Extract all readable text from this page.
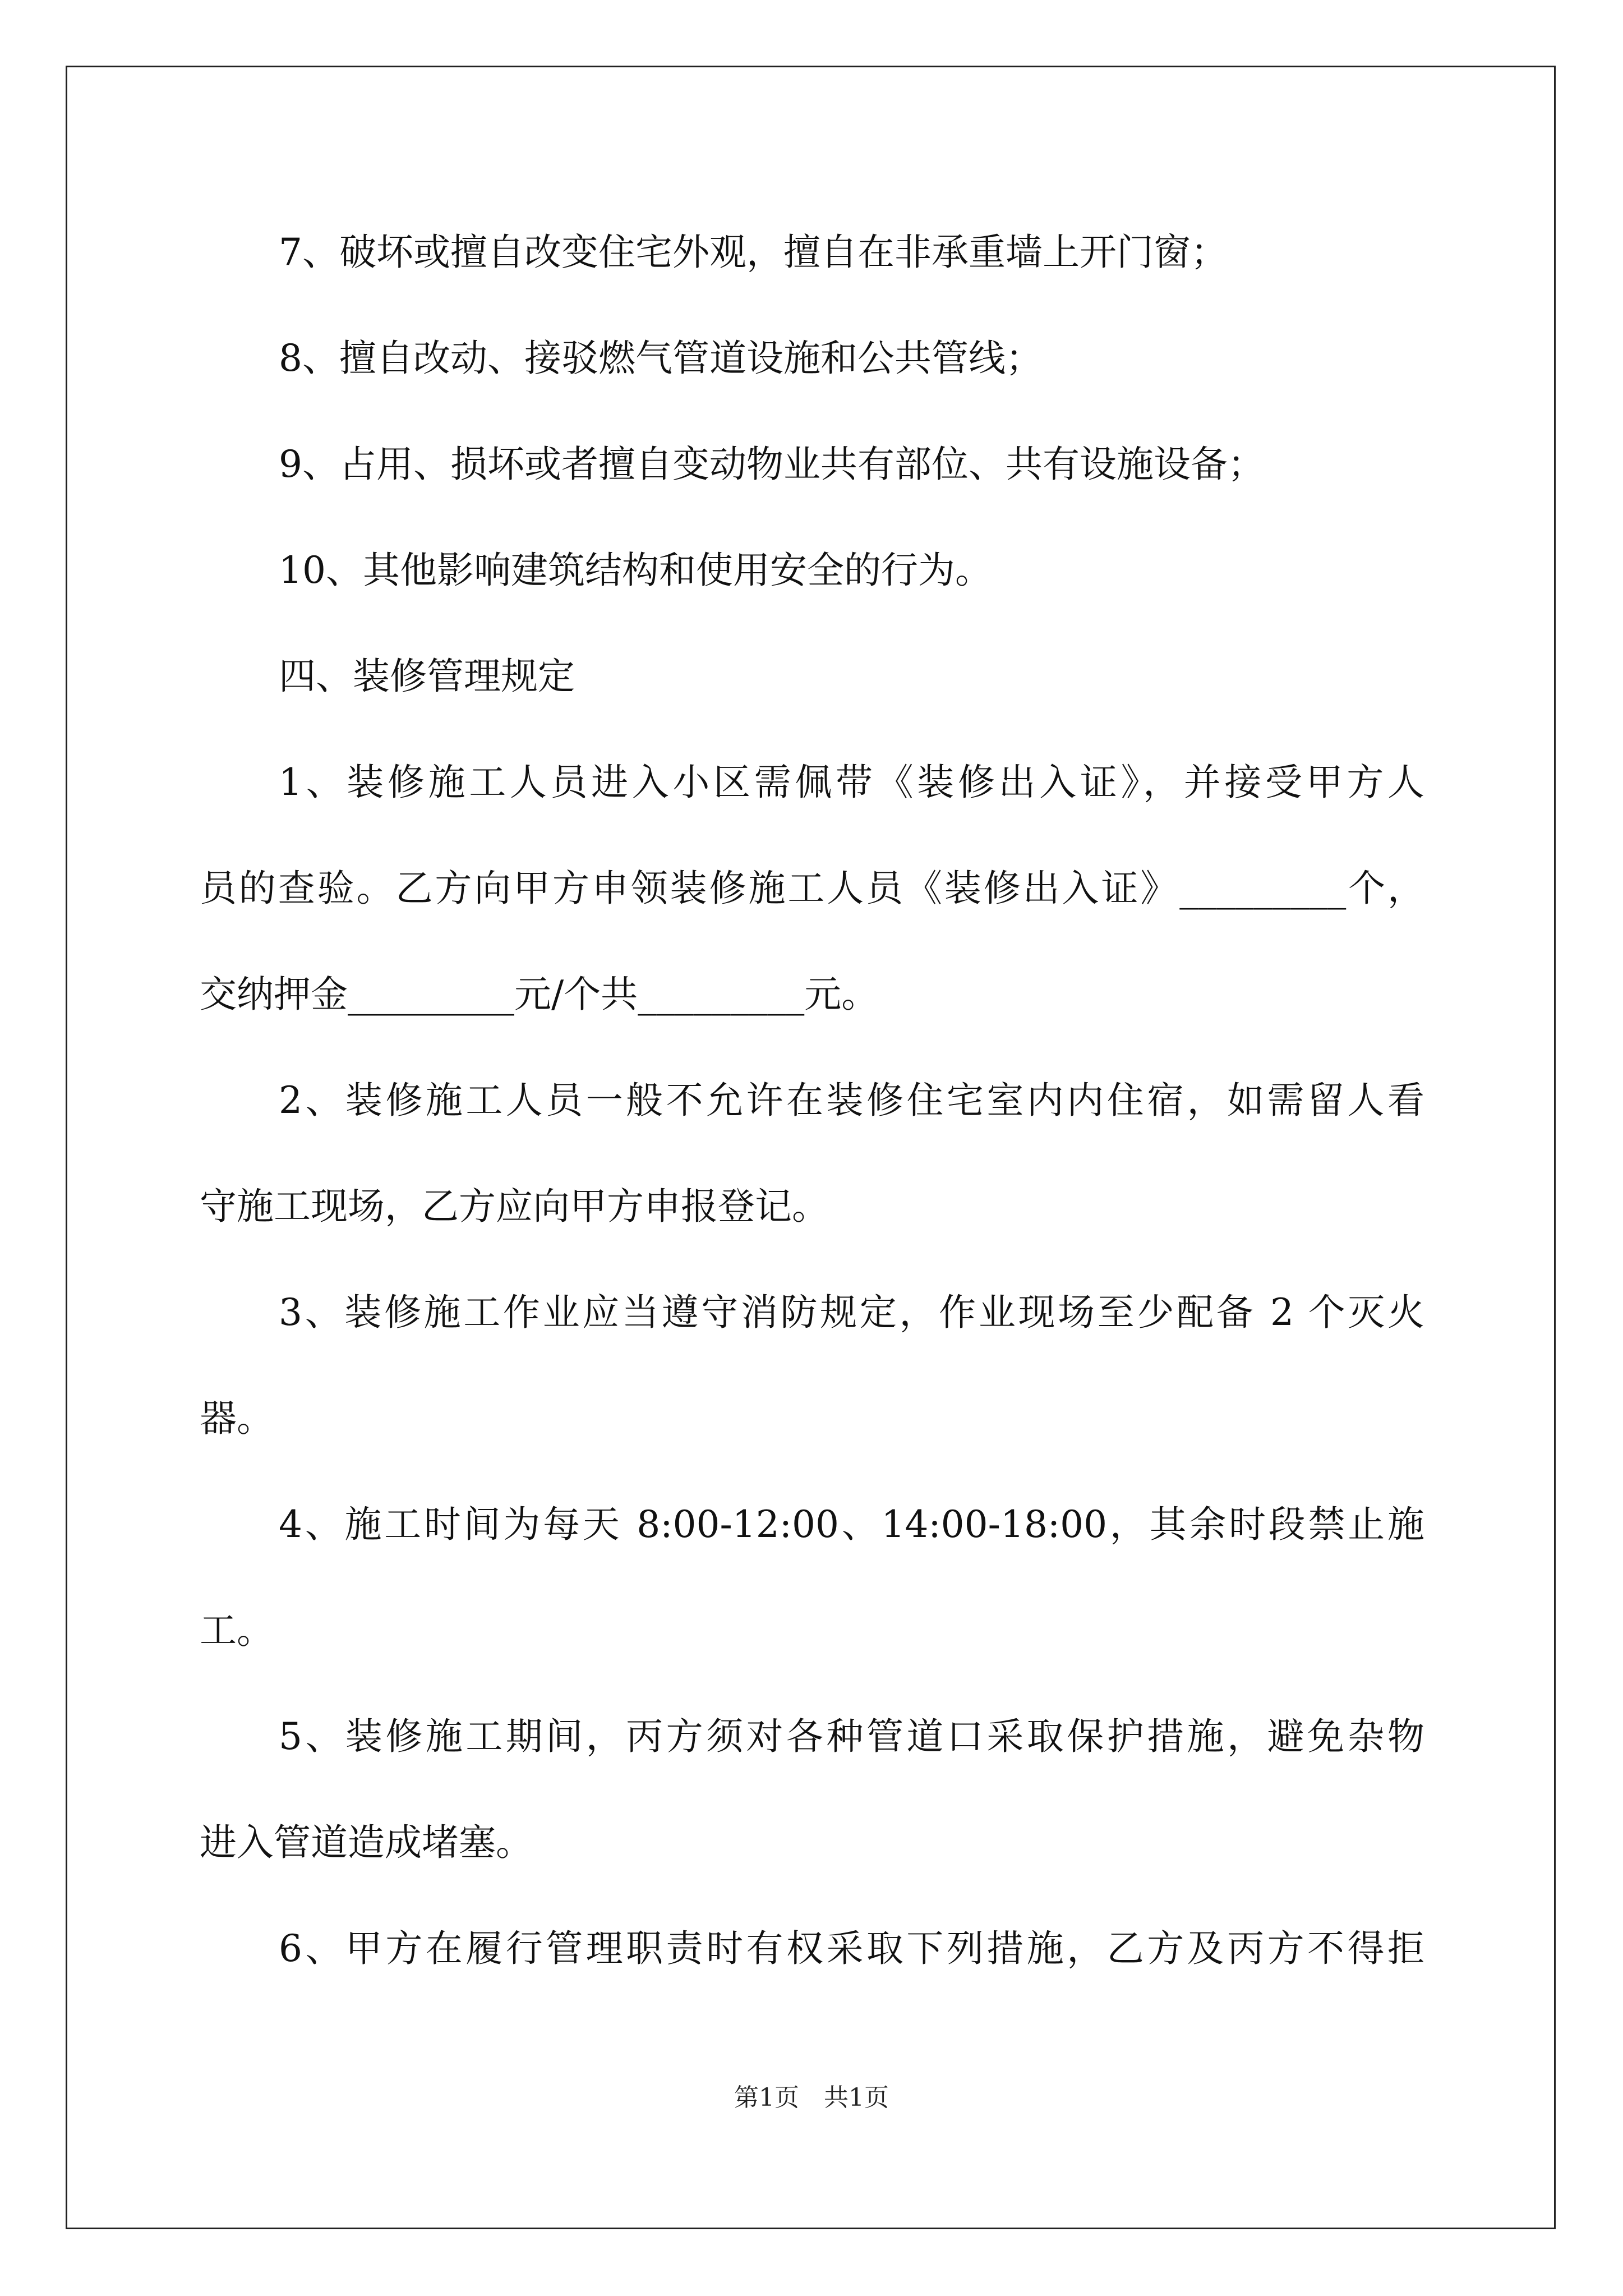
7、破坏或擅自改变住宅外观，擅自在非承重墙上开门窗；
8、擅自改动、接驳燃气管道设施和公共管线；
9、占用、损坏或者擅自变动物业共有部位、共有设施设备；
10、其他影响建筑结构和使用安全的行为。
四、装修管理规定
1、装修施工人员进入小区需佩带《装修出入证》，并接受甲方人
员的查验。乙方向甲方申领装修施工人员《装修出入证》_________个，
交纳押金_________元/个共_________元。
2、装修施工人员一般不允许在装修住宅室内内住宿，如需留人看
守施工现场，乙方应向甲方申报登记。
3、装修施工作业应当遵守消防规定，作业现场至少配备 2 个灭火
器。
4、施工时间为每天 8:00-12:00、14:00-18:00，其余时段禁止施
工。
5、装修施工期间，丙方须对各种管道口采取保护措施，避免杂物
进入管道造成堵塞。
6、甲方在履行管理职责时有权采取下列措施，乙方及丙方不得拒
第1页　共1页
